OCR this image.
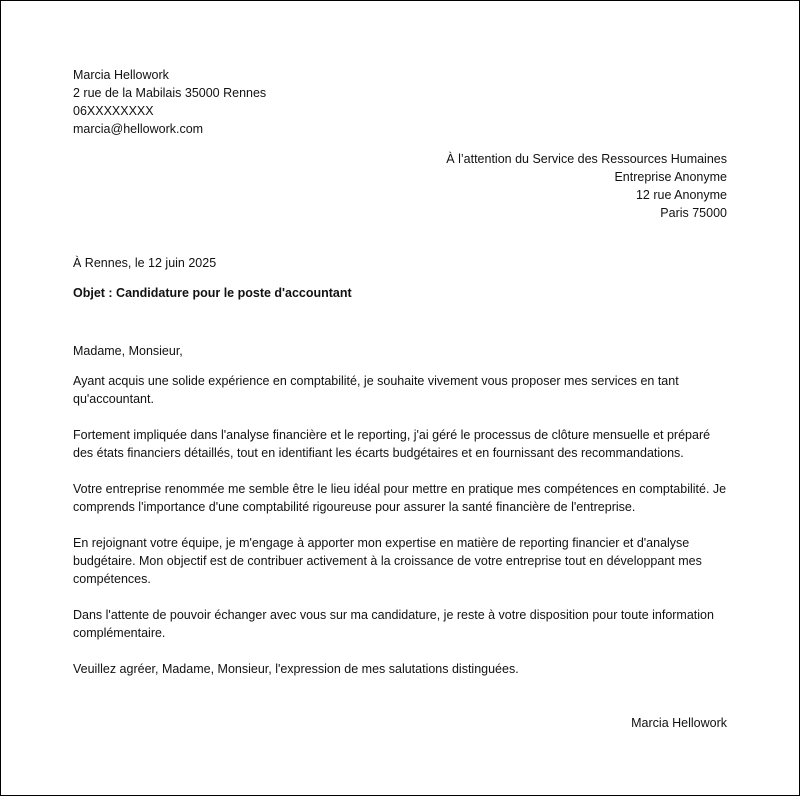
Marcia Hellowork
2 rue de la Mabilais 35000 Rennes
06XXXXXXXX
marcia@hellowork.com
À l’attention du Service des Ressources Humaines
Entreprise Anonyme
12 rue Anonyme
Paris 75000
À Rennes, le 12 juin 2025
Objet : Candidature pour le poste d'accountant
Madame, Monsieur,

Ayant acquis une solide expérience en comptabilité, je souhaite vivement vous proposer mes services en tant qu'accountant.

Fortement impliquée dans l'analyse financière et le reporting, j'ai géré le processus de clôture mensuelle et préparé des états financiers détaillés, tout en identifiant les écarts budgétaires et en fournissant des recommandations.

Votre entreprise renommée me semble être le lieu idéal pour mettre en pratique mes compétences en comptabilité. Je comprends l'importance d'une comptabilité rigoureuse pour assurer la santé financière de l'entreprise.

En rejoignant votre équipe, je m'engage à apporter mon expertise en matière de reporting financier et d'analyse budgétaire. Mon objectif est de contribuer activement à la croissance de votre entreprise tout en développant mes compétences.

Dans l'attente de pouvoir échanger avec vous sur ma candidature, je reste à votre disposition pour toute information complémentaire.

Veuillez agréer, Madame, Monsieur, l'expression de mes salutations distinguées.

Marcia Hellowork
